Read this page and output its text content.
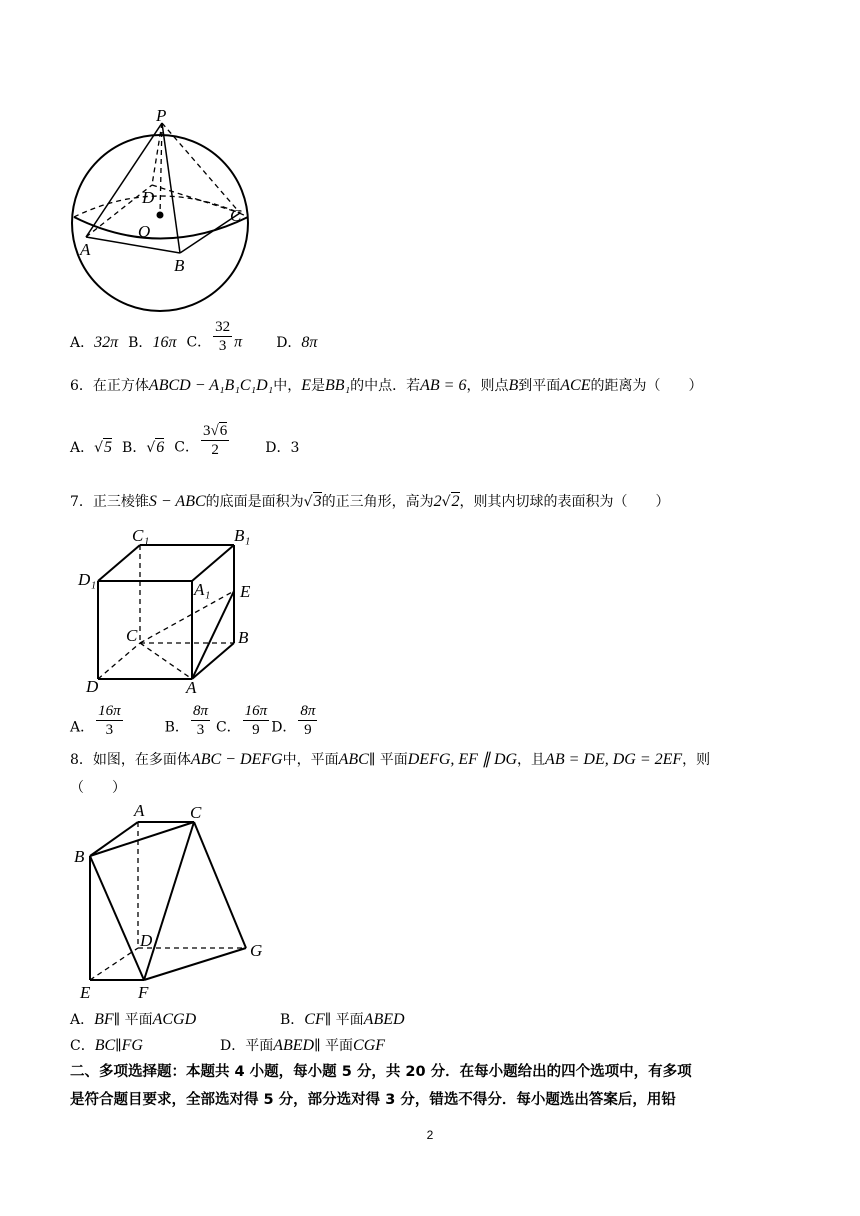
P
D
C
O
A
B
A．32π B．16π C． $\frac{32}{3}$ π D．8π
6．在正方体ABCD − A₁B₁C₁D₁中，E是BB₁的中点．若AB = 6，则点B到平面ACE的距离为（　　）
A．√5 B．√6 C． $\frac{3√6}{2}$	D．3
7．正三棱锥S − ABC的底面是面积为√3的正三角形，高为2√2，则其内切球的表面积为（　　）
C₁	B₁
D₁
A₁ E
C	B
D	A
A． $\frac{16\pi}{3}$	B． $\frac{8\pi}{3}$ C． $\frac{16\pi}{9}$ D． $\frac{8\pi}{9}$
8．如图，在多面体ABC − DEFG中，平面ABC∥ 平面DEFG, EF ∥ DG，且AB = DE, DG = 2EF，则
（　　）
A	C
B
D
G
E	F
A．BF∥ 平面ACGD	B．CF∥ 平面ABED
C．BC∥FG	D．平面ABED∥ 平面CGF
二、多项选择题：本题共 4 小题，每小题 5 分，共 20 分．在每小题给出的四个选项中，有多项
是符合题目要求，全部选对得 5 分，部分选对得 3 分，错选不得分．每小题选出答案后，用铅
2
